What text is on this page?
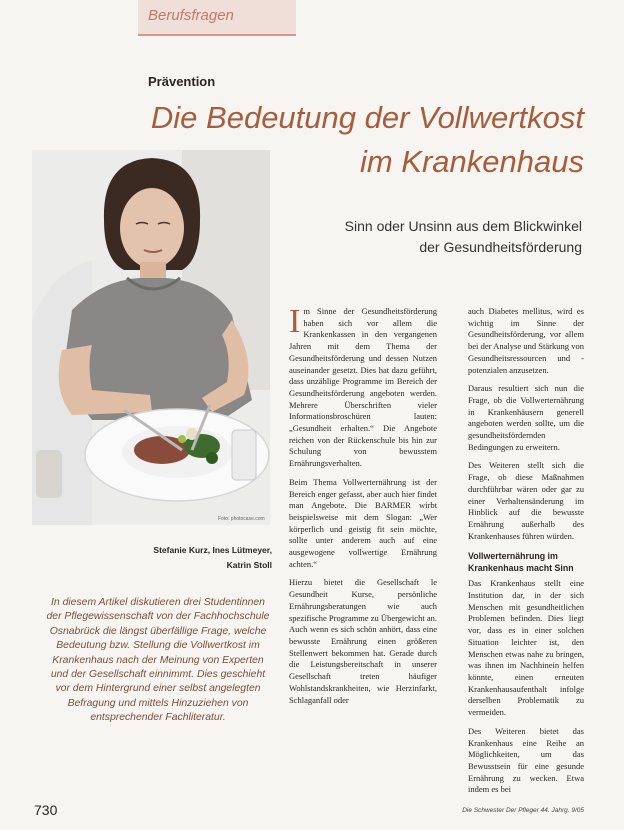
Berufsfragen
Prävention
Die Bedeutung der Vollwertkost
im Krankenhaus
Sinn oder Unsinn aus dem Blickwinkel
der Gesundheitsförderung
Foto: photocase.com
Stefanie Kurz, Ines Lütmeyer,
Katrin Stoll
In diesem Artikel diskutieren drei Studentinnen der Pflegewissenschaft von der Fachhochschule Osnabrück die längst überfällige Frage, welche Bedeutung bzw. Stellung die Vollwertkost im Krankenhaus nach der Meinung von Experten und der Gesellschaft einnimmt. Dies geschieht vor dem Hintergrund einer selbst angelegten Befragung und mittels Hinzuziehen von entsprechender Fachliteratur.

Im Sinne der Gesundheitsförderung haben sich vor allem die Krankenkassen in den vergangenen Jahren mit dem Thema der Gesundheitsförderung und dessen Nutzen auseinander gesetzt. Dies hat dazu geführt, dass unzählige Programme im Bereich der Gesundheitsförderung angeboten werden. Mehrere Überschriften vieler Informationsbroschüren lauten: „Gesundheit erhalten.“ Die Angebote reichen von der Rückenschule bis hin zur Schulung von bewusstem Ernährungsverhalten.

Beim Thema Vollwerternährung ist der Bereich enger gefasst, aber auch hier findet man Angebote. Die BARMER wirbt beispielsweise mit dem Slogan: „Wer körperlich und geistig fit sein möchte, sollte unter anderem auch auf eine ausgewogene vollwertige Ernährung achten.“

Hierzu bietet die Gesellschaft le Gesundheit Kurse, persönliche Ernährungsberatungen wie auch spezifische Programme zu Übergewicht an. Auch wenn es sich schön anhört, dass eine bewusste Ernährung einen größeren Stellenwert bekommen hat. Gerade durch die Leistungsbereitschaft in unserer Gesellschaft treten häufiger Wohlstandskrankheiten, wie Herzinfarkt, Schlaganfall oder

auch Diabetes mellitus, wird es wichtig im Sinne der Gesundheitsförderung, vor allem bei der Analyse und Stärkung von Gesundheitsressourcen und -potenzialen anzusetzen.

Daraus resultiert sich nun die Frage, ob die Vollwerternährung in Krankenhäusern generell angeboten werden sollte, um die gesundheitsfördernden Bedingungen zu erweitern.

Des Weiteren stellt sich die Frage, ob diese Maßnahmen durchführbar wären oder gar zu einer Verhaltensänderung im Hinblick auf die bewusste Ernährung außerhalb des Krankenhauses führen würden.

Vollwerternährung im
Krankenhaus macht Sinn

Das Krankenhaus stellt eine Institution dar, in der sich Menschen mit gesundheitlichen Problemen befinden. Dies liegt vor, dass es in einer solchen Situation leichter ist, den Menschen etwas nahe zu bringen, was ihnen im Nachhinein helfen könnte, einen erneuten Krankenhausaufenthalt infolge derselben Problematik zu vermeiden.

Des Weiteren bietet das Krankenhaus eine Reihe an Möglichkeiten, um das Bewusstsein für eine gesunde Ernährung zu wecken. Etwa indem es bei

730	Die Schwester Der Pfleger 44. Jahrg. 9/05
